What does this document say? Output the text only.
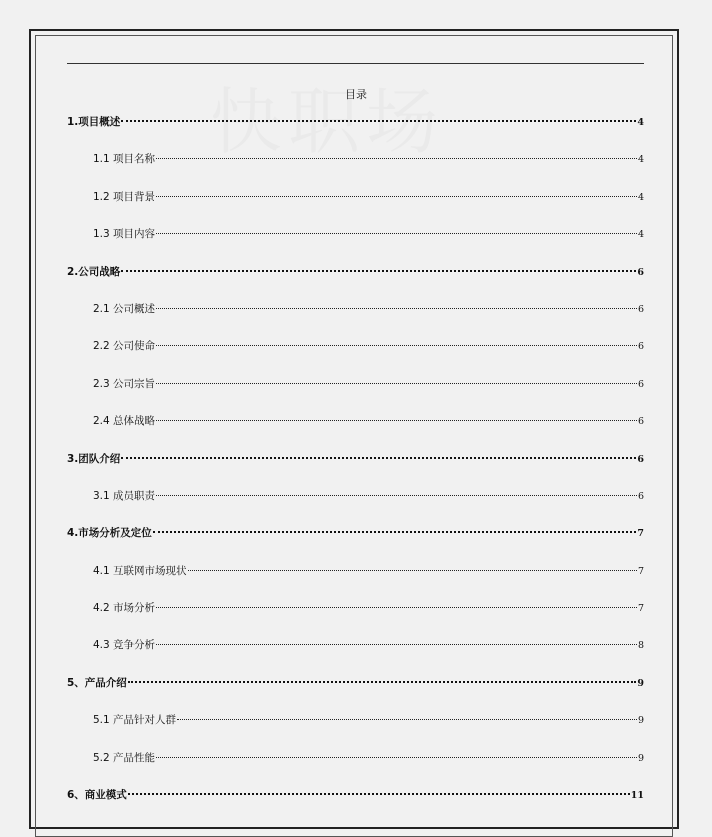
目录
1.项目概述	4
1.1 项目名称	4
1.2 项目背景	4
1.3 项目内容	4
2.公司战略	6
2.1 公司概述	6
2.2 公司使命	6
2.3 公司宗旨	6
2.4 总体战略	6
3.团队介绍	6
3.1 成员职责	6
4.市场分析及定位	7
4.1 互联网市场现状	7
4.2 市场分析	7
4.3 竞争分析	8
5、产品介绍	9
5.1 产品针对人群	9
5.2 产品性能	9
6、商业模式	11
